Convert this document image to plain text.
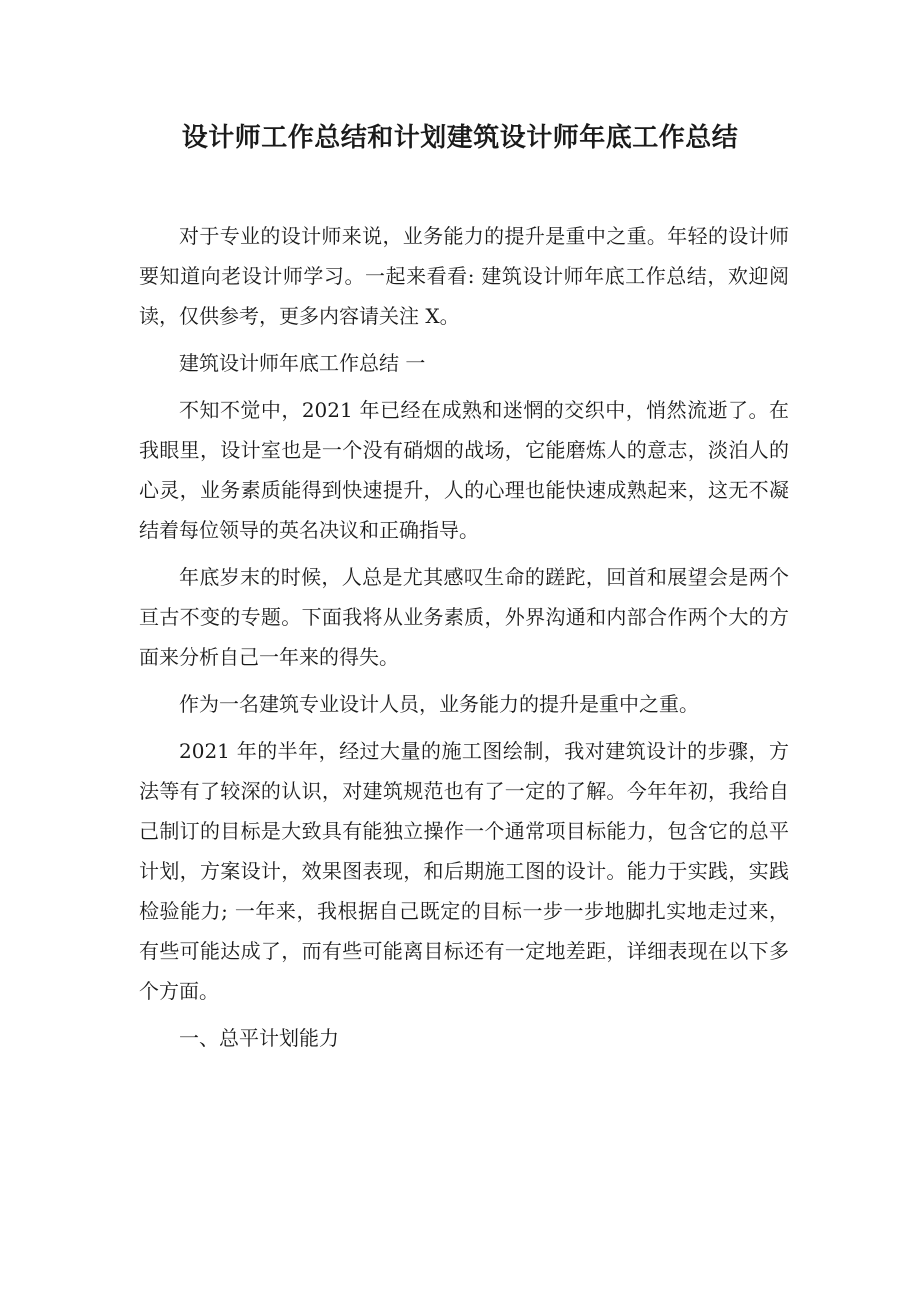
设计师工作总结和计划建筑设计师年底工作总结

对于专业的设计师来说，业务能力的提升是重中之重。年轻的设计师要知道向老设计师学习。一起来看看: 建筑设计师年底工作总结，欢迎阅读，仅供参考，更多内容请关注 X。

建筑设计师年底工作总结 一

不知不觉中，2021 年已经在成熟和迷惘的交织中，悄然流逝了。在我眼里，设计室也是一个没有硝烟的战场，它能磨炼人的意志，淡泊人的心灵，业务素质能得到快速提升，人的心理也能快速成熟起来，这无不凝结着每位领导的英名决议和正确指导。

年底岁末的时候，人总是尤其感叹生命的蹉跎，回首和展望会是两个亘古不变的专题。下面我将从业务素质，外界沟通和内部合作两个大的方面来分析自己一年来的得失。

作为一名建筑专业设计人员，业务能力的提升是重中之重。

2021 年的半年，经过大量的施工图绘制，我对建筑设计的步骤，方法等有了较深的认识，对建筑规范也有了一定的了解。今年年初，我给自己制订的目标是大致具有能独立操作一个通常项目标能力，包含它的总平计划，方案设计，效果图表现，和后期施工图的设计。能力于实践，实践检验能力; 一年来，我根据自己既定的目标一步一步地脚扎实地走过来，有些可能达成了，而有些可能离目标还有一定地差距，详细表现在以下多个方面。

一、总平计划能力
